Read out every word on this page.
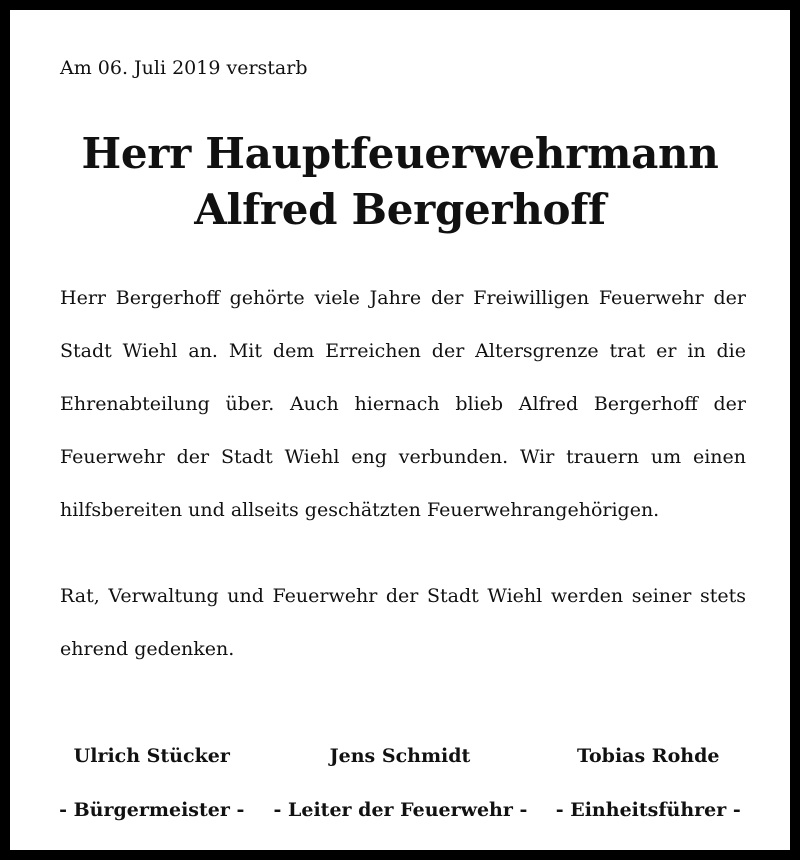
Am 06. Juli 2019 verstarb
Herr Hauptfeuerwehrmann
Alfred Bergerhoff
Herr Bergerhoff gehörte viele Jahre der Freiwilligen Feuerwehr der Stadt Wiehl an. Mit dem Erreichen der Altersgrenze trat er in die Ehrenabteilung über. Auch hiernach blieb Alfred Bergerhoff der Feuerwehr der Stadt Wiehl eng verbunden. Wir trauern um einen hilfsbereiten und allseits geschätzten Feuerwehrangehörigen.
Rat, Verwaltung und Feuerwehr der Stadt Wiehl werden seiner stets ehrend gedenken.
Ulrich Stücker
- Bürgermeister -
Jens Schmidt
- Leiter der Feuerwehr -
Tobias Rohde
- Einheitsführer -
